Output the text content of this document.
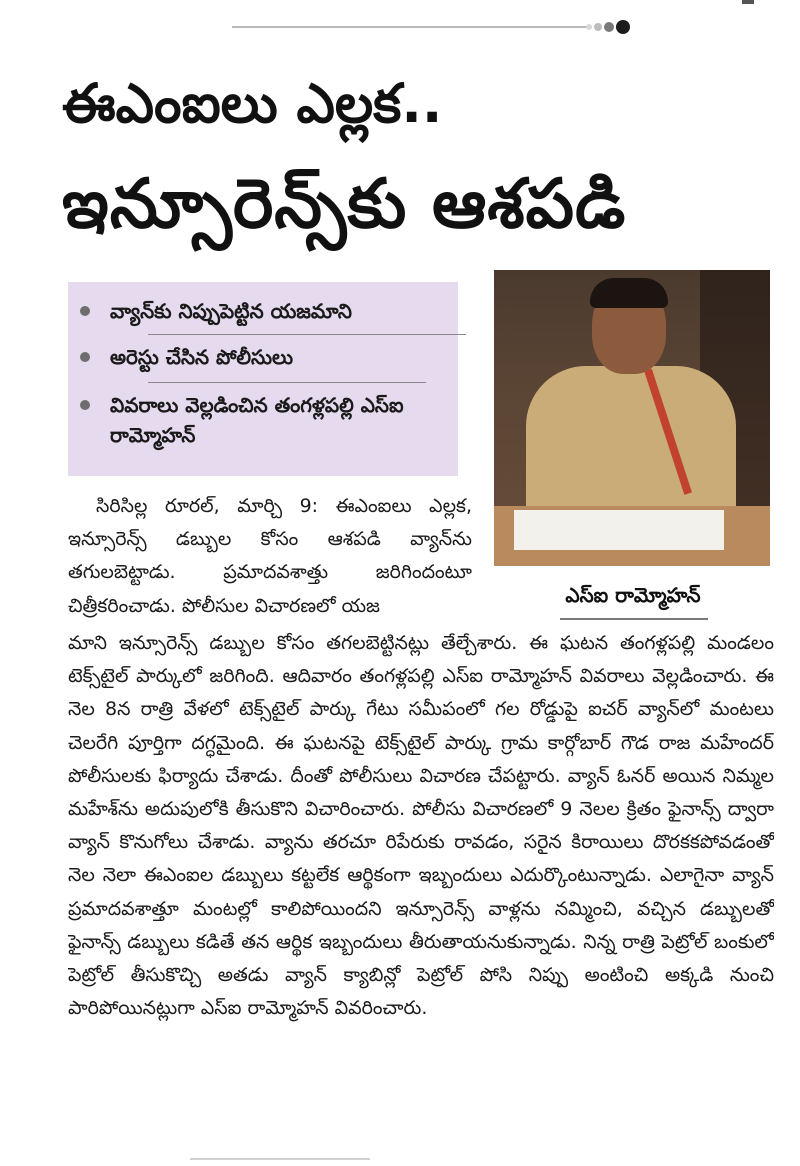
ఈఎంఐలు ఎల్లక..
ఇన్సూరెన్స్‌కు ఆశపడి
వ్యాన్‌కు నిప్పుపెట్టిన యజమాని
అరెస్టు చేసిన పోలీసులు
వివరాలు వెల్లడించిన తంగళ్లపల్లి ఎస్ఐ రామ్మోహన్
ఎస్ఐ రామ్మోహన్

సిరిసిల్ల రూరల్, మార్చి 9: ఈఎంఐలు ఎల్లక, ఇన్సూరెన్స్ డబ్బుల కోసం ఆశపడి వ్యాన్‌ను తగులబెట్టాడు. ప్రమాదవశాత్తు జరిగిందంటూ చిత్రీకరించాడు. పోలీసుల విచారణలో యజ

మాని ఇన్సూరెన్స్ డబ్బుల కోసం తగలబెట్టినట్లు తేల్చేశారు. ఈ ఘటన తంగళ్లపల్లి మండలం టెక్స్‌టైల్ పార్కులో జరిగింది. ఆదివారం తంగళ్లపల్లి ఎస్ఐ రామ్మోహన్ వివరాలు వెల్లడించారు. ఈ నెల 8న రాత్రి వేళలో టెక్స్‌టైల్ పార్కు గేటు సమీపంలో గల రోడ్డుపై ఐచర్ వ్యాన్‌లో మంటలు చెలరేగి పూర్తిగా దగ్ధమైంది. ఈ ఘటనపై టెక్స్‌టైల్ పార్కు గ్రామ కార్గోబార్ గౌడ రాజ మహేందర్ పోలీసులకు ఫిర్యాదు చేశాడు. దీంతో పోలీసులు విచారణ చేపట్టారు. వ్యాన్ ఓనర్ అయిన నిమ్మల మహేశ్‌ను అదుపులోకి తీసుకొని విచారించారు. పోలీసు విచారణలో 9 నెలల క్రితం ఫైనాన్స్ ద్వారా వ్యాన్ కొనుగోలు చేశాడు. వ్యాను తరచూ రిపేరుకు రావడం, సరైన కిరాయిలు దొరకకపోవడంతో నెల నెలా ఈఎంఐల డబ్బులు కట్టలేక ఆర్థికంగా ఇబ్బందులు ఎదుర్కొంటున్నాడు. ఎలాగైనా వ్యాన్ ప్రమాదవశాత్తూ మంటల్లో కాలిపోయిందని ఇన్సూరెన్స్ వాళ్లను నమ్మించి, వచ్చిన డబ్బులతో ఫైనాన్స్ డబ్బులు కడితే తన ఆర్థిక ఇబ్బందులు తీరుతాయనుకున్నాడు. నిన్న రాత్రి పెట్రోల్ బంకులో పెట్రోల్ తీసుకొచ్చి అతడు వ్యాన్ క్యాబిన్లో పెట్రోల్ పోసి నిప్పు అంటించి అక్కడి నుంచి పారిపోయినట్లుగా ఎస్ఐ రామ్మోహన్ వివరించారు.
